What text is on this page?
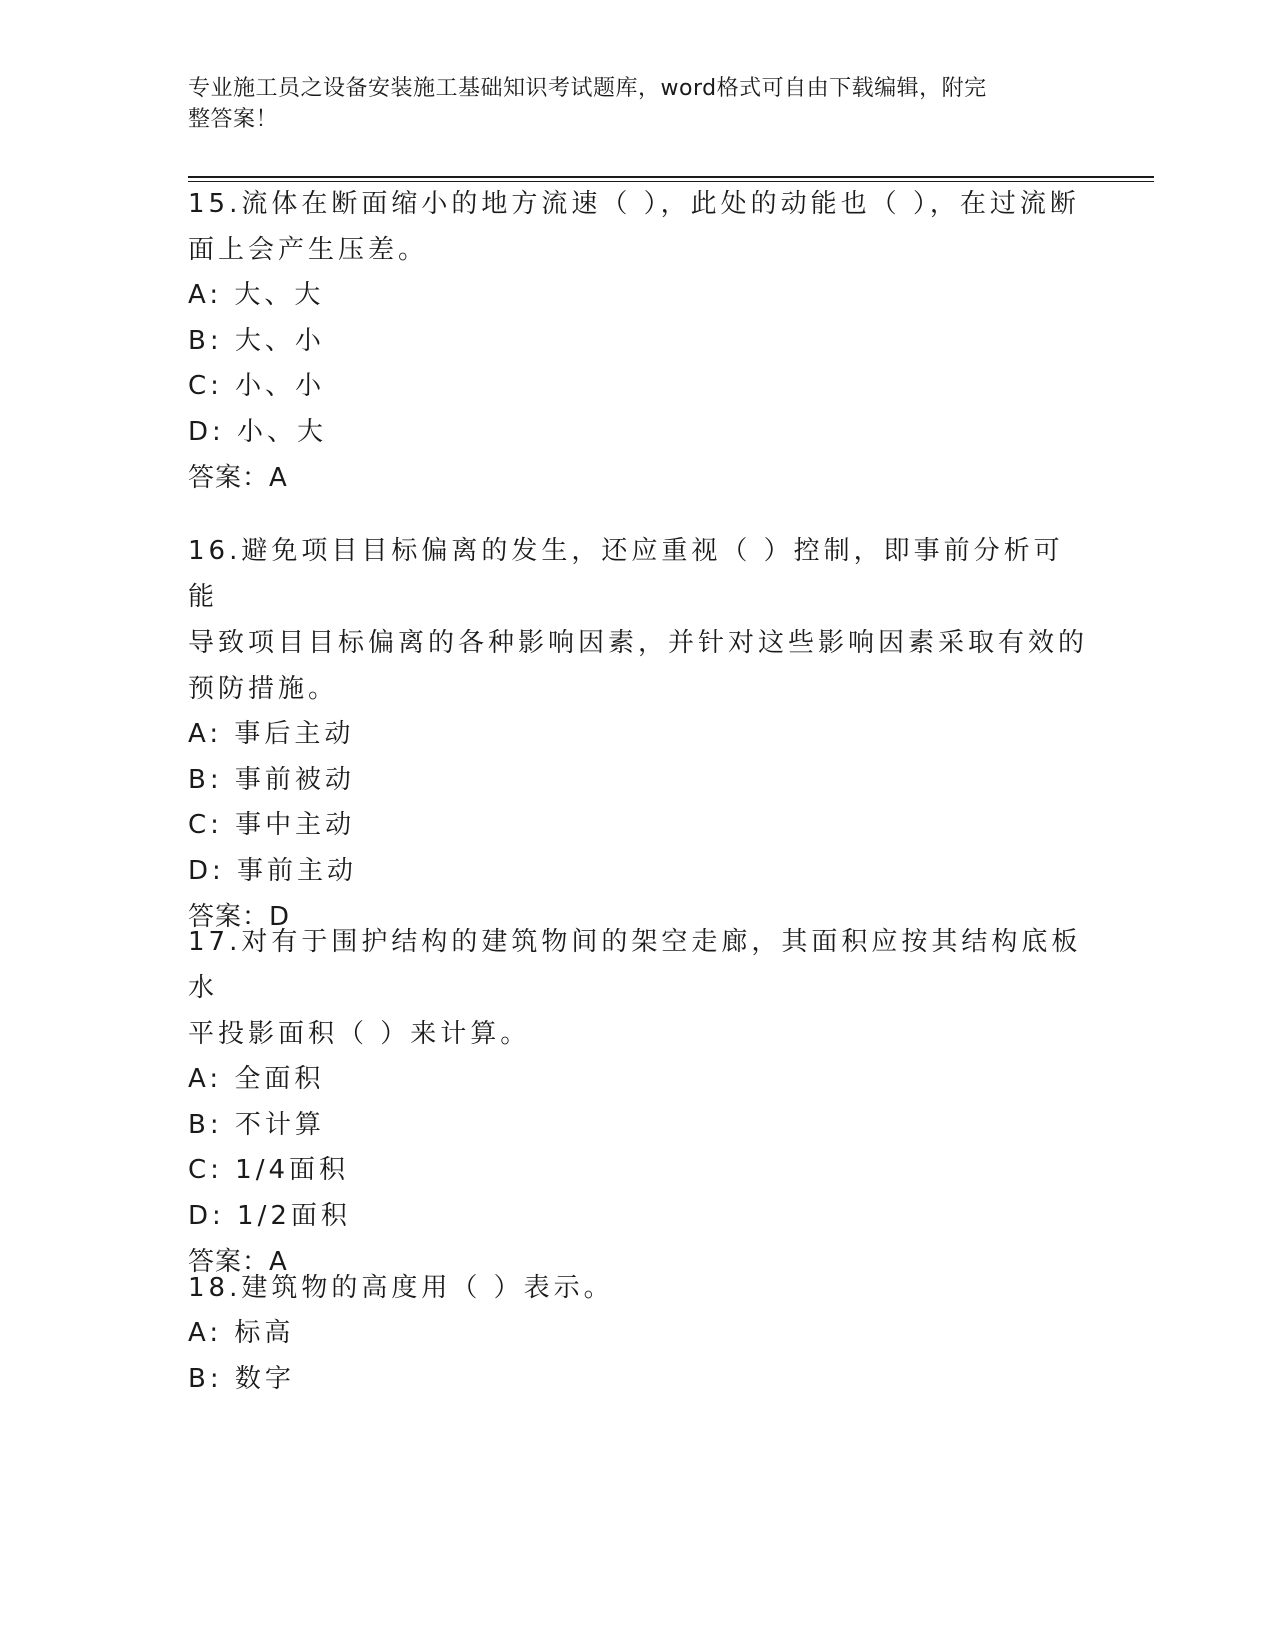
专业施工员之设备安装施工基础知识考试题库，word格式可自由下载编辑，附完
整答案！

15.流体在断面缩小的地方流速（ ），此处的动能也（ ），在过流断

面上会产生压差。

A: 大、大

B: 大、小

C: 小、小

D: 小、大

答案：A

16.避免项目目标偏离的发生，还应重视（ ）控制，即事前分析可能

导致项目目标偏离的各种影响因素，并针对这些影响因素采取有效的

预防措施。

A: 事后主动

B: 事前被动

C: 事中主动

D: 事前主动

答案：D

17.对有于围护结构的建筑物间的架空走廊，其面积应按其结构底板水

平投影面积（ ）来计算。

A: 全面积

B: 不计算

C: 1/4面积

D: 1/2面积

答案：A

18.建筑物的高度用（ ）表示。

A: 标高

B: 数字
